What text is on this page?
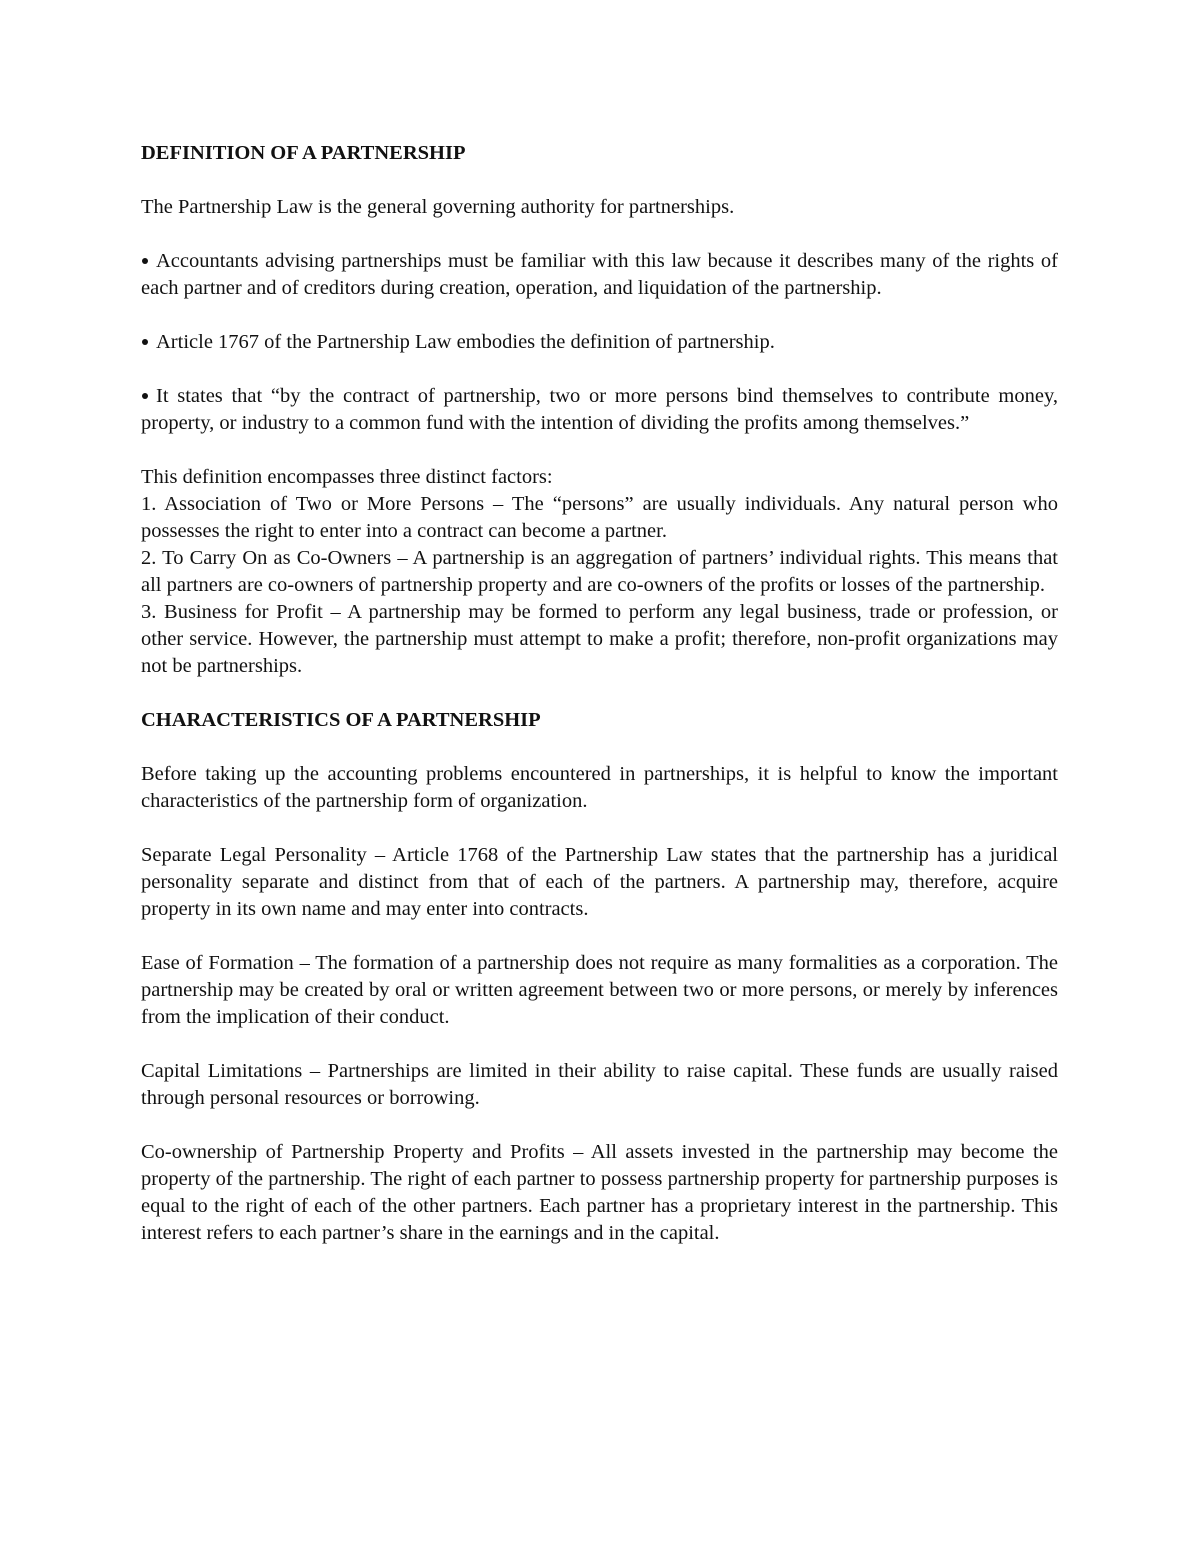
DEFINITION OF A PARTNERSHIP

The Partnership Law is the general governing authority for partnerships.

Accountants advising partnerships must be familiar with this law because it describes many of the rights of each partner and of creditors during creation, operation, and liquidation of the partnership.

Article 1767 of the Partnership Law embodies the definition of partnership.

It states that “by the contract of partnership, two or more persons bind themselves to contribute money, property, or industry to a common fund with the intention of dividing the profits among themselves.”

This definition encompasses three distinct factors:
1. Association of Two or More Persons – The “persons” are usually individuals. Any natural person who possesses the right to enter into a contract can become a partner.
2. To Carry On as Co-Owners – A partnership is an aggregation of partners’ individual rights. This means that all partners are co-owners of partnership property and are co-owners of the profits or losses of the partnership.
3. Business for Profit – A partnership may be formed to perform any legal business, trade or profession, or other service. However, the partnership must attempt to make a profit; therefore, non-profit organizations may not be partnerships.
CHARACTERISTICS OF A PARTNERSHIP

Before taking up the accounting problems encountered in partnerships, it is helpful to know the important characteristics of the partnership form of organization.

Separate Legal Personality – Article 1768 of the Partnership Law states that the partnership has a juridical personality separate and distinct from that of each of the partners. A partnership may, therefore, acquire property in its own name and may enter into contracts.

Ease of Formation – The formation of a partnership does not require as many formalities as a corporation. The partnership may be created by oral or written agreement between two or more persons, or merely by inferences from the implication of their conduct.

Capital Limitations – Partnerships are limited in their ability to raise capital. These funds are usually raised through personal resources or borrowing.

Co-ownership of Partnership Property and Profits – All assets invested in the partnership may become the property of the partnership. The right of each partner to possess partnership property for partnership purposes is equal to the right of each of the other partners. Each partner has a proprietary interest in the partnership. This interest refers to each partner’s share in the earnings and in the capital.
